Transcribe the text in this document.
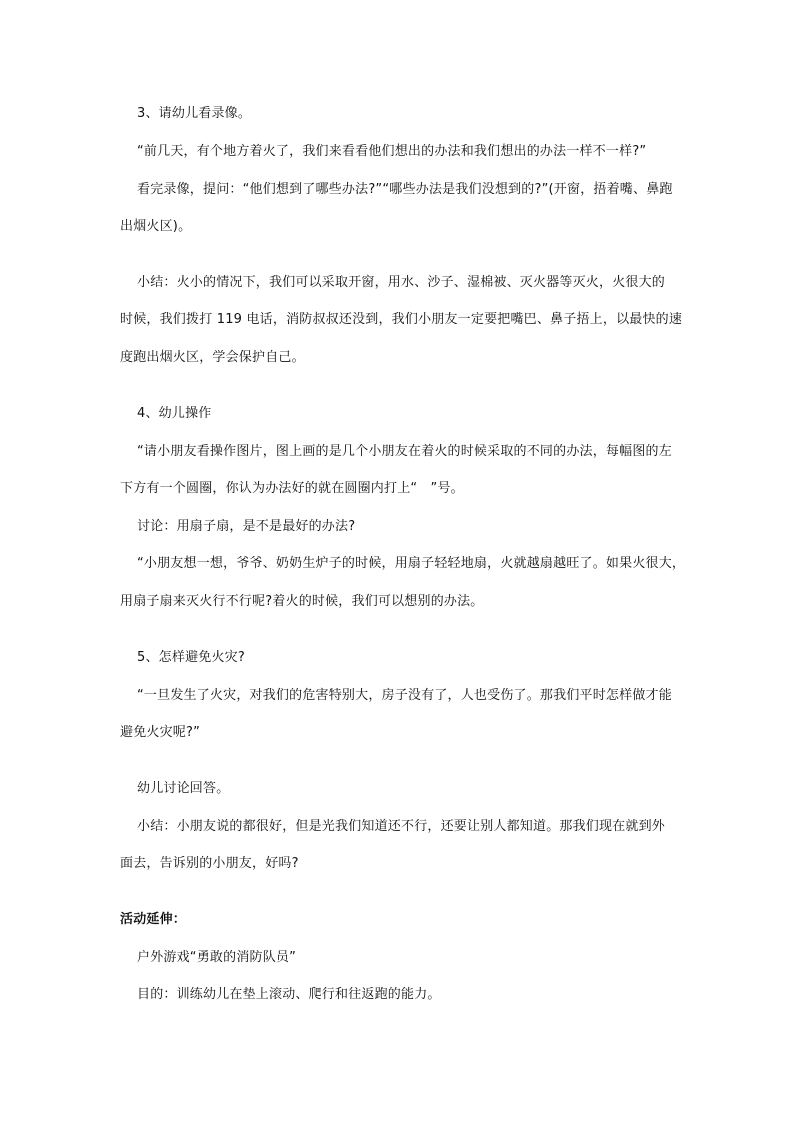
3、请幼儿看录像。
“前几天，有个地方着火了，我们来看看他们想出的办法和我们想出的办法一样不一样?”
看完录像，提问：“他们想到了哪些办法?”“哪些办法是我们没想到的?”(开窗，捂着嘴、鼻跑
出烟火区)。
小结：火小的情况下，我们可以采取开窗，用水、沙子、湿棉被、灭火器等灭火，火很大的
时候，我们拨打 119 电话，消防叔叔还没到，我们小朋友一定要把嘴巴、鼻子捂上，以最快的速
度跑出烟火区，学会保护自己。
4、幼儿操作
“请小朋友看操作图片，图上画的是几个小朋友在着火的时候采取的不同的办法，每幅图的左
下方有一个圆圈，你认为办法好的就在圆圈内打上“　”号。
讨论：用扇子扇，是不是最好的办法?
“小朋友想一想，爷爷、奶奶生炉子的时候，用扇子轻轻地扇，火就越扇越旺了。如果火很大，
用扇子扇来灭火行不行呢?着火的时候，我们可以想别的办法。
5、怎样避免火灾?
“一旦发生了火灾，对我们的危害特别大，房子没有了，人也受伤了。那我们平时怎样做才能
避免火灾呢?”
幼儿讨论回答。
小结：小朋友说的都很好，但是光我们知道还不行，还要让别人都知道。那我们现在就到外
面去，告诉别的小朋友，好吗?
活动延伸：
户外游戏“勇敢的消防队员”
目的：训练幼儿在垫上滚动、爬行和往返跑的能力。
